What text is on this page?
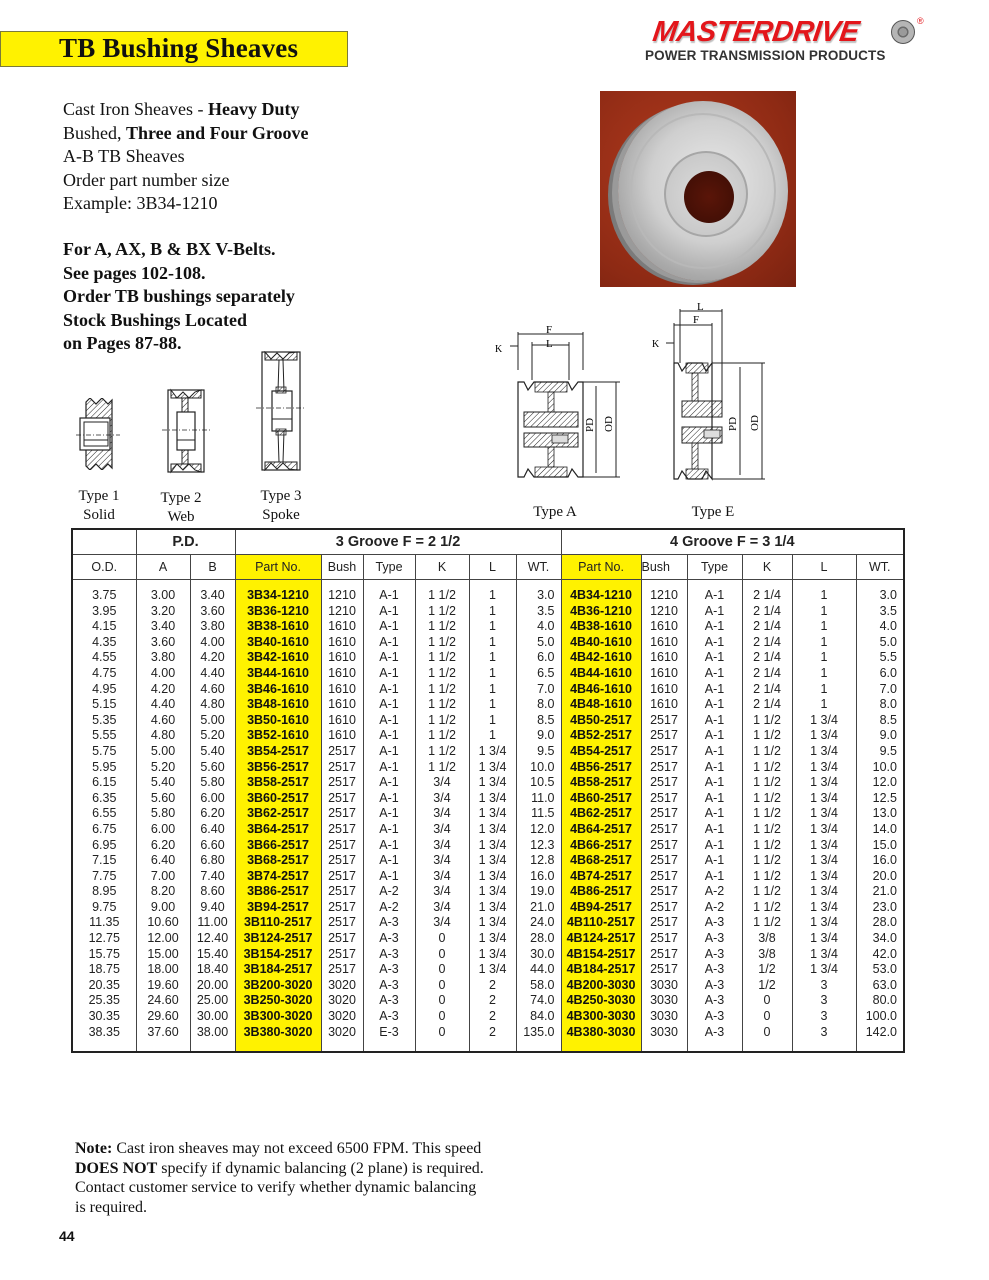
TB Bushing Sheaves	MASTERDRIVE	®
POWER TRANSMISSION PRODUCTS
Cast Iron Sheaves - Heavy Duty
Bushed, Three and Four Groove
A-B TB Sheaves
Order part number size
Example: 3B34-1210
For A, AX, B & BX V-Belts.
See pages 102-108.
Order TB bushings separately
Stock Bushings Located
on Pages 87-88.
Type 1
Solid
Type 2
Web
Type 3
Spoke
F
L
K
PD OD
Type A
L
F
K
PD OD
Type E
	P.D.		3 Groove F = 2 1/2						4 Groove F = 3 1/4					
O.D.	A	B	Part No.	Bush	Type	K	L	WT.	Part No.	Bush	Type	K	L	WT.

3.75	3.00	3.40	3B34-1210	1210	A-1	1 1/2	1	3.0	4B34-1210	1210	A-1	2 1/4	1	3.0
3.95	3.20	3.60	3B36-1210	1210	A-1	1 1/2	1	3.5	4B36-1210	1210	A-1	2 1/4	1	3.5
4.15	3.40	3.80	3B38-1610	1610	A-1	1 1/2	1	4.0	4B38-1610	1610	A-1	2 1/4	1	4.0
4.35	3.60	4.00	3B40-1610	1610	A-1	1 1/2	1	5.0	4B40-1610	1610	A-1	2 1/4	1	5.0
4.55	3.80	4.20	3B42-1610	1610	A-1	1 1/2	1	6.0	4B42-1610	1610	A-1	2 1/4	1	5.5
4.75	4.00	4.40	3B44-1610	1610	A-1	1 1/2	1	6.5	4B44-1610	1610	A-1	2 1/4	1	6.0
4.95	4.20	4.60	3B46-1610	1610	A-1	1 1/2	1	7.0	4B46-1610	1610	A-1	2 1/4	1	7.0
5.15	4.40	4.80	3B48-1610	1610	A-1	1 1/2	1	8.0	4B48-1610	1610	A-1	2 1/4	1	8.0
5.35	4.60	5.00	3B50-1610	1610	A-1	1 1/2	1	8.5	4B50-2517	2517	A-1	1 1/2	1 3/4	8.5
5.55	4.80	5.20	3B52-1610	1610	A-1	1 1/2	1	9.0	4B52-2517	2517	A-1	1 1/2	1 3/4	9.0
5.75	5.00	5.40	3B54-2517	2517	A-1	1 1/2	1 3/4	9.5	4B54-2517	2517	A-1	1 1/2	1 3/4	9.5
5.95	5.20	5.60	3B56-2517	2517	A-1	1 1/2	1 3/4	10.0	4B56-2517	2517	A-1	1 1/2	1 3/4	10.0
6.15	5.40	5.80	3B58-2517	2517	A-1	3/4	1 3/4	10.5	4B58-2517	2517	A-1	1 1/2	1 3/4	12.0
6.35	5.60	6.00	3B60-2517	2517	A-1	3/4	1 3/4	11.0	4B60-2517	2517	A-1	1 1/2	1 3/4	12.5
6.55	5.80	6.20	3B62-2517	2517	A-1	3/4	1 3/4	11.5	4B62-2517	2517	A-1	1 1/2	1 3/4	13.0
6.75	6.00	6.40	3B64-2517	2517	A-1	3/4	1 3/4	12.0	4B64-2517	2517	A-1	1 1/2	1 3/4	14.0
6.95	6.20	6.60	3B66-2517	2517	A-1	3/4	1 3/4	12.3	4B66-2517	2517	A-1	1 1/2	1 3/4	15.0
7.15	6.40	6.80	3B68-2517	2517	A-1	3/4	1 3/4	12.8	4B68-2517	2517	A-1	1 1/2	1 3/4	16.0
7.75	7.00	7.40	3B74-2517	2517	A-1	3/4	1 3/4	16.0	4B74-2517	2517	A-1	1 1/2	1 3/4	20.0
8.95	8.20	8.60	3B86-2517	2517	A-2	3/4	1 3/4	19.0	4B86-2517	2517	A-2	1 1/2	1 3/4	21.0
9.75	9.00	9.40	3B94-2517	2517	A-2	3/4	1 3/4	21.0	4B94-2517	2517	A-2	1 1/2	1 3/4	23.0
11.35	10.60	11.00	3B110-2517	2517	A-3	3/4	1 3/4	24.0	4B110-2517	2517	A-3	1 1/2	1 3/4	28.0
12.75	12.00	12.40	3B124-2517	2517	A-3	0	1 3/4	28.0	4B124-2517	2517	A-3	3/8	1 3/4	34.0
15.75	15.00	15.40	3B154-2517	2517	A-3	0	1 3/4	30.0	4B154-2517	2517	A-3	3/8	1 3/4	42.0
18.75	18.00	18.40	3B184-2517	2517	A-3	0	1 3/4	44.0	4B184-2517	2517	A-3	1/2	1 3/4	53.0
20.35	19.60	20.00	3B200-3020	3020	A-3	0	2	58.0	4B200-3030	3030	A-3	1/2	3	63.0
25.35	24.60	25.00	3B250-3020	3020	A-3	0	2	74.0	4B250-3030	3030	A-3	0	3	80.0
30.35	29.60	30.00	3B300-3020	3020	A-3	0	2	84.0	4B300-3030	3030	A-3	0	3	100.0
38.35	37.60	38.00	3B380-3020	3020	E-3	0	2	135.0	4B380-3030	3030	A-3	0	3	142.0

Note: Cast iron sheaves may not exceed 6500 FPM. This speed
DOES NOT specify if dynamic balancing (2 plane) is required.
Contact customer service to verify whether dynamic balancing
is required.
44
